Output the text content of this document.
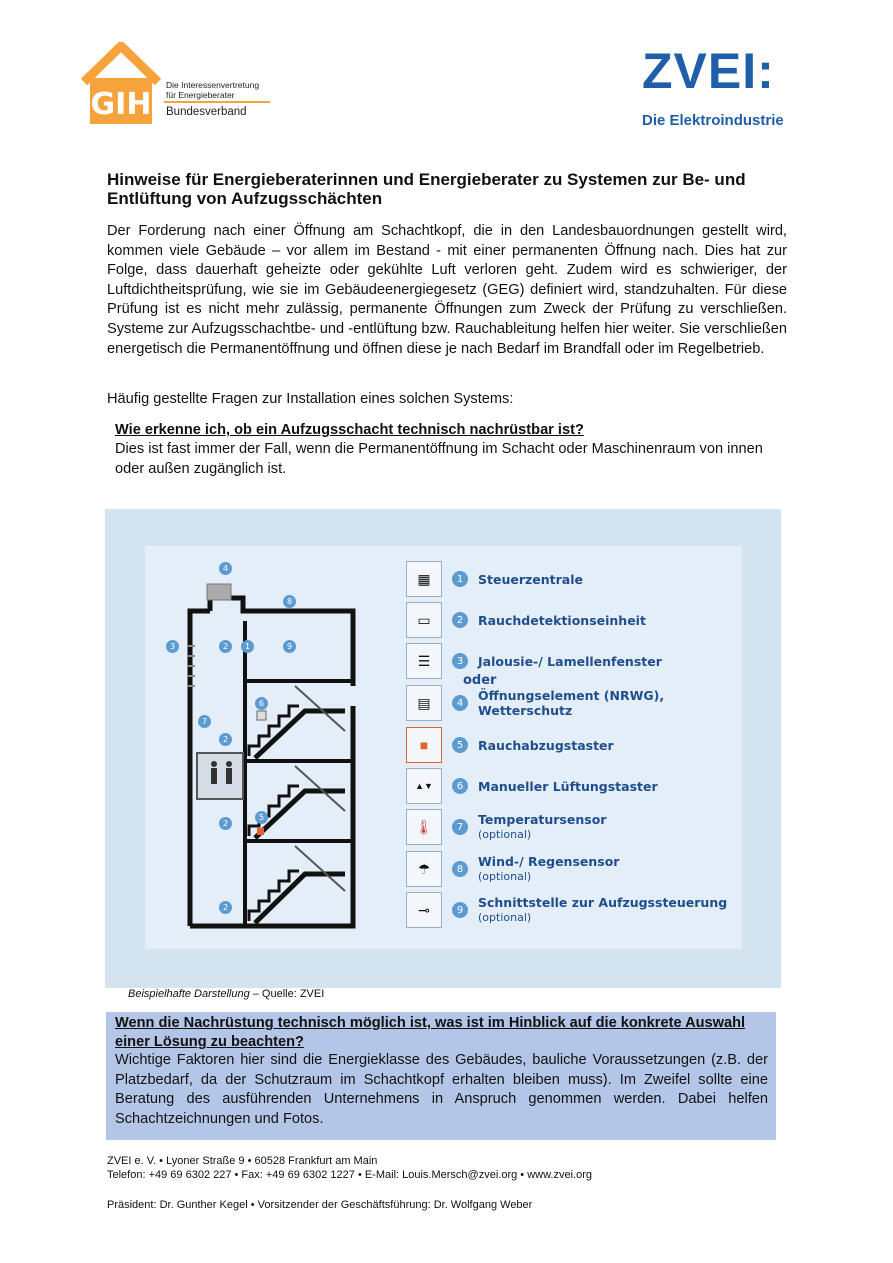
GIH
Die Interessenvertretung
für Energieberater
Bundesverband
ZVEI:
Die Elektroindustrie
Hinweise für Energieberaterinnen und Energieberater zu Systemen zur Be- und Entlüftung von Aufzugsschächten
Der Forderung nach einer Öffnung am Schachtkopf, die in den Landesbauordnungen gestellt wird, kommen viele Gebäude – vor allem im Bestand - mit einer permanenten Öffnung nach. Dies hat zur Folge, dass dauerhaft geheizte oder gekühlte Luft verloren geht. Zudem wird es schwieriger, der Luftdichtheitsprüfung, wie sie im Gebäudeenergiegesetz (GEG) definiert wird, standzuhalten. Für diese Prüfung ist es nicht mehr zulässig, permanente Öffnungen zum Zweck der Prüfung zu verschließen. Systeme zur Aufzugsschachtbe- und -entlüftung bzw. Rauchableitung helfen hier weiter. Sie verschließen energetisch die Permanentöffnung und öffnen diese je nach Bedarf im Brandfall oder im Regelbetrieb.
Häufig gestellte Fragen zur Installation eines solchen Systems:
Wie erkenne ich, ob ein Aufzugsschacht technisch nachrüstbar ist?
Dies ist fast immer der Fall, wenn die Permanentöffnung im Schacht oder Maschinenraum von innen oder außen zugänglich ist.
4
8
3	2	1	9
6
7
2
2
5
2
▦	1	Steuerzentrale
▭	2	Rauchdetektionseinheit
☰	3	Jalousie-/ Lamellenfenster
oder
▤	4	Öffnungselement (NRWG),
Wetterschutz
■	5	Rauchabzugstaster
▲▼	6	Manueller Lüftungstaster
🌡	7	Temperatursensor
(optional)
☂	8	Wind-/ Regensensor
(optional)
⊸	9	Schnittstelle zur Aufzugssteuerung
(optional)
Beispielhafte Darstellung – Quelle: ZVEI
Wenn die Nachrüstung technisch möglich ist, was ist im Hinblick auf die konkrete Auswahl einer Lösung zu beachten?
Wichtige Faktoren hier sind die Energieklasse des Gebäudes, bauliche Voraussetzungen (z.B. der Platzbedarf, da der Schutzraum im Schachtkopf erhalten bleiben muss). Im Zweifel sollte eine Beratung des ausführenden Unternehmens in Anspruch genommen werden. Dabei helfen Schachtzeichnungen und Fotos.
ZVEI e. V. • Lyoner Straße 9 • 60528 Frankfurt am Main
Telefon: +49 69 6302 227 • Fax: +49 69 6302 1227 • E-Mail: Louis.Mersch@zvei.org • www.zvei.org
Präsident: Dr. Gunther Kegel • Vorsitzender der Geschäftsführung: Dr. Wolfgang Weber
